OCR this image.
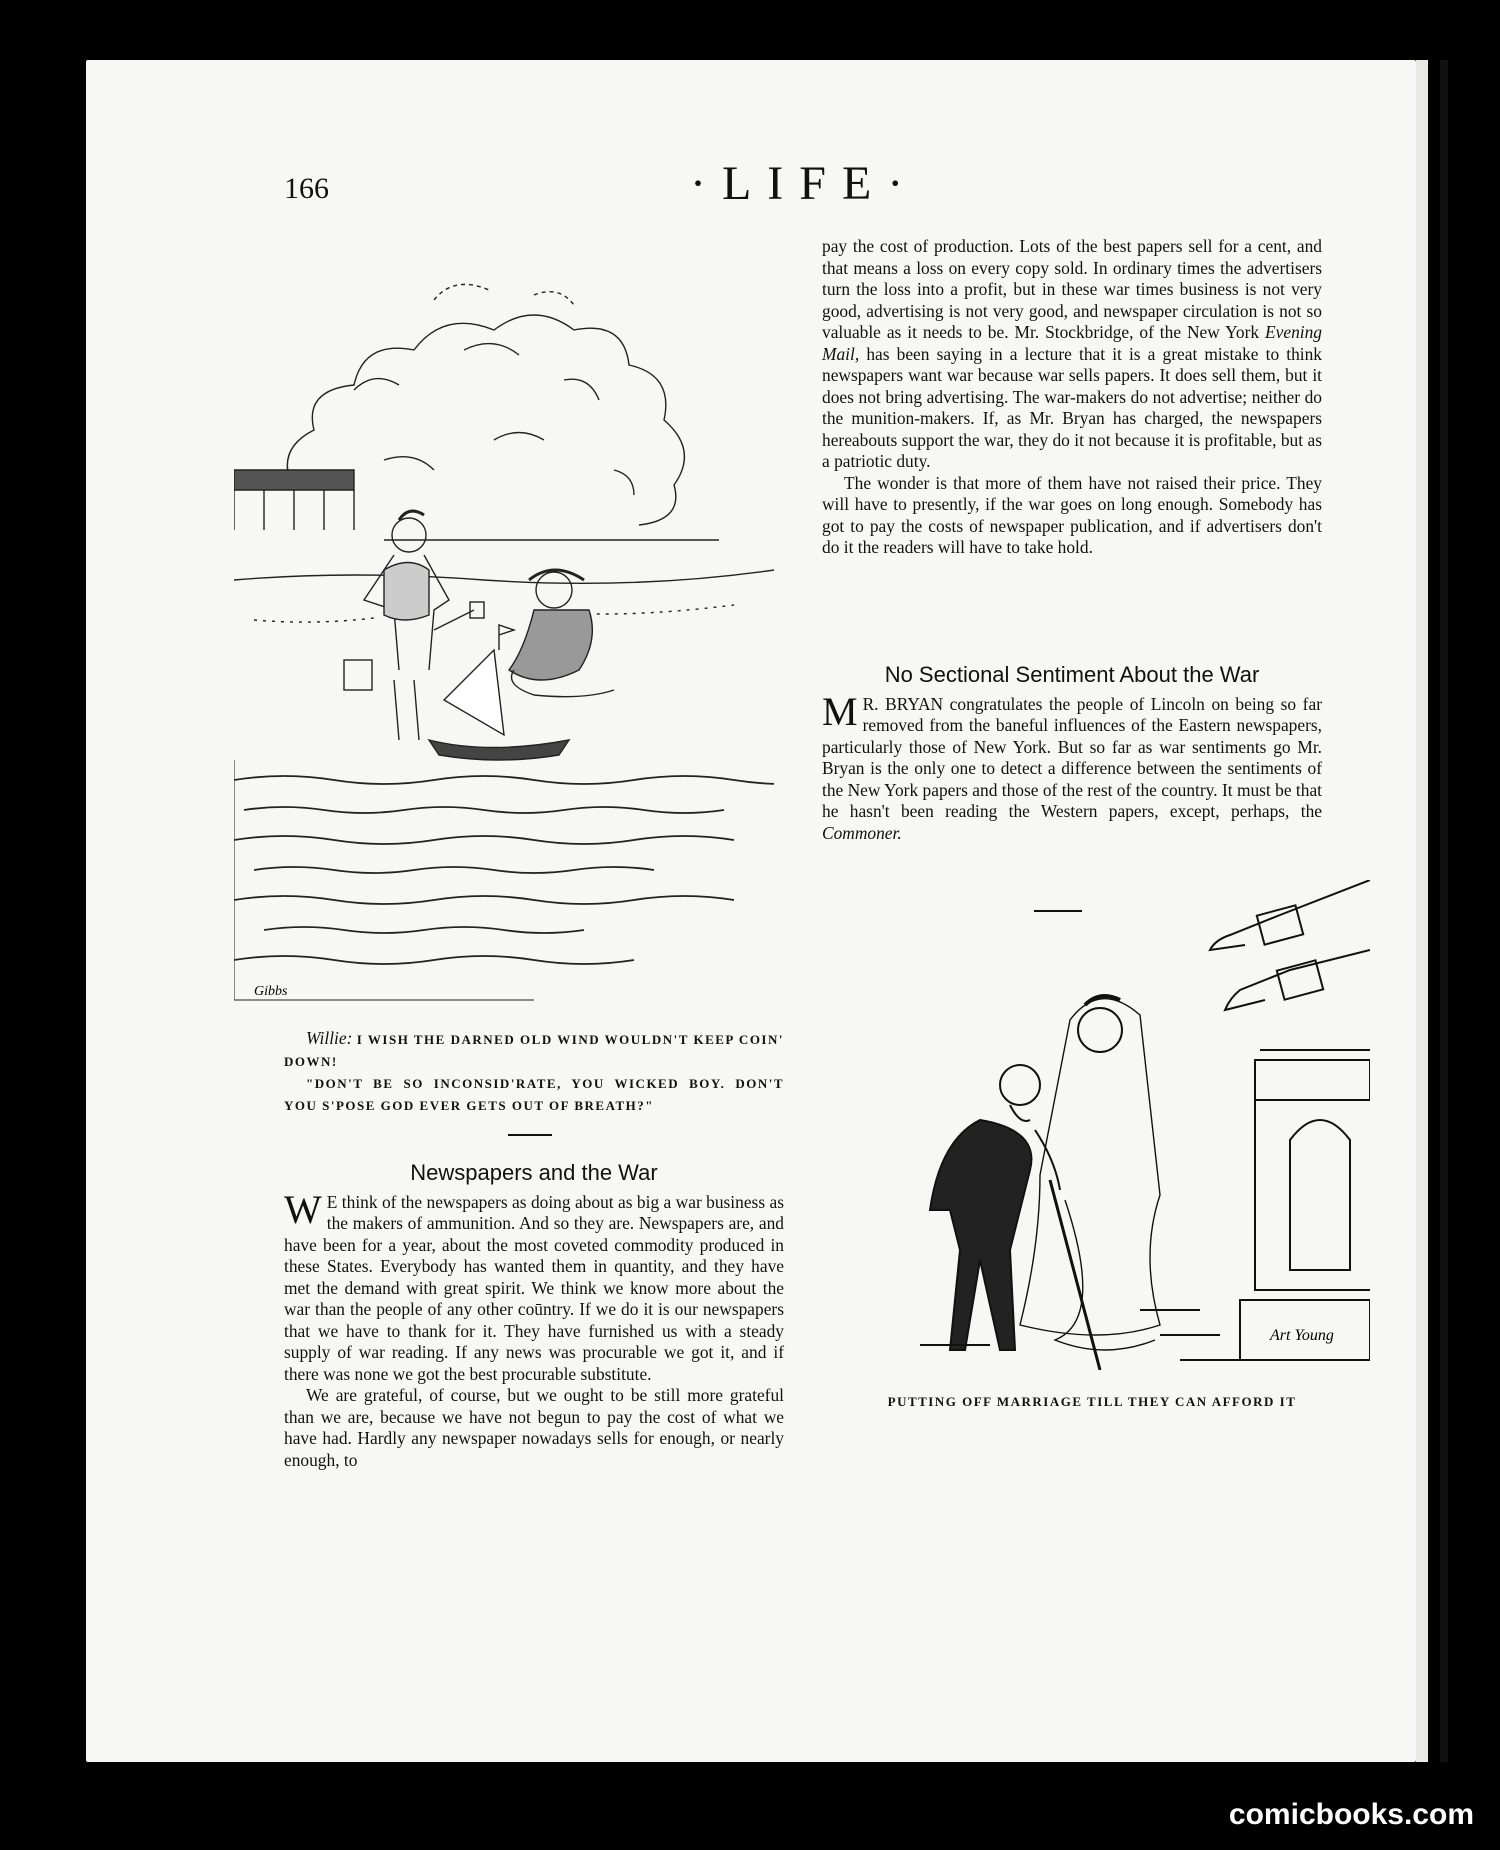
166	·LIFE·
Gibbs

Willie: I WISH THE DARNED OLD WIND WOULDN'T KEEP COIN' DOWN!

"DON'T BE SO INCONSID'RATE, YOU WICKED BOY. DON'T YOU S'POSE GOD EVER GETS OUT OF BREATH?"

Newspapers and the War

W E think of the newspapers as doing about as big a war business as the makers of ammunition. And so they are. Newspapers are, and have been for a year, about the most coveted commodity produced in these States. Everybody has wanted them in quantity, and they have met the demand with great spirit. We think we know more about the war than the people of any other coūntry. If we do it is our newspapers that we have to thank for it. They have furnished us with a steady supply of war reading. If any news was procurable we got it, and if there was none we got the best procurable substitute.

We are grateful, of course, but we ought to be still more grateful than we are, because we have not begun to pay the cost of what we have had. Hardly any newspaper nowadays sells for enough, or nearly enough, to

pay the cost of production. Lots of the best papers sell for a cent, and that means a loss on every copy sold. In ordinary times the advertisers turn the loss into a profit, but in these war times business is not very good, advertising is not very good, and newspaper circulation is not so valuable as it needs to be. Mr. Stockbridge, of the New York Evening Mail, has been saying in a lecture that it is a great mistake to think newspapers want war because war sells papers. It does sell them, but it does not bring advertising. The war-makers do not advertise; neither do the munition-makers. If, as Mr. Bryan has charged, the newspapers hereabouts support the war, they do it not because it is profitable, but as a patriotic duty.

The wonder is that more of them have not raised their price. They will have to presently, if the war goes on long enough. Somebody has got to pay the costs of newspaper publication, and if advertisers don't do it the readers will have to take hold.

No Sectional Sentiment About the War

M R. BRYAN congratulates the people of Lincoln on being so far removed from the baneful influences of the Eastern newspapers, particularly those of New York. But so far as war sentiments go Mr. Bryan is the only one to detect a difference between the sentiments of the New York papers and those of the rest of the country. It must be that he hasn't been reading the Western papers, except, perhaps, the Commoner.

Art Young
PUTTING OFF MARRIAGE TILL THEY CAN AFFORD IT
comicbooks.com
